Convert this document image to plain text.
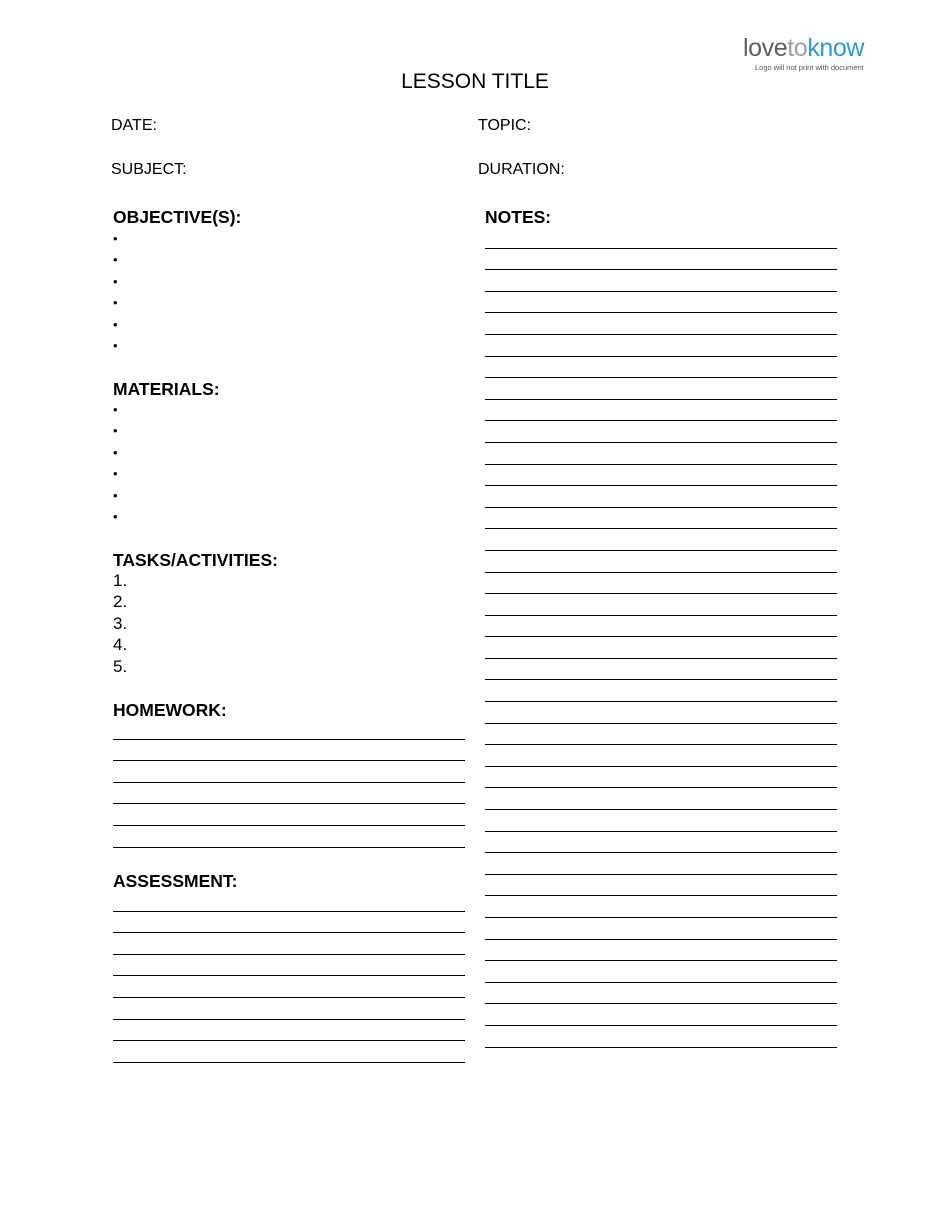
lovetoknow
Logo will not print with document
LESSON TITLE
DATE:	TOPIC:
SUBJECT:	DURATION:
OBJECTIVE(S):
•
•
•
•
•
•
MATERIALS:
•
•
•
•
•
•
TASKS/ACTIVITIES:
1.
2.
3.
4.
5.
HOMEWORK:
ASSESSMENT:
NOTES:
